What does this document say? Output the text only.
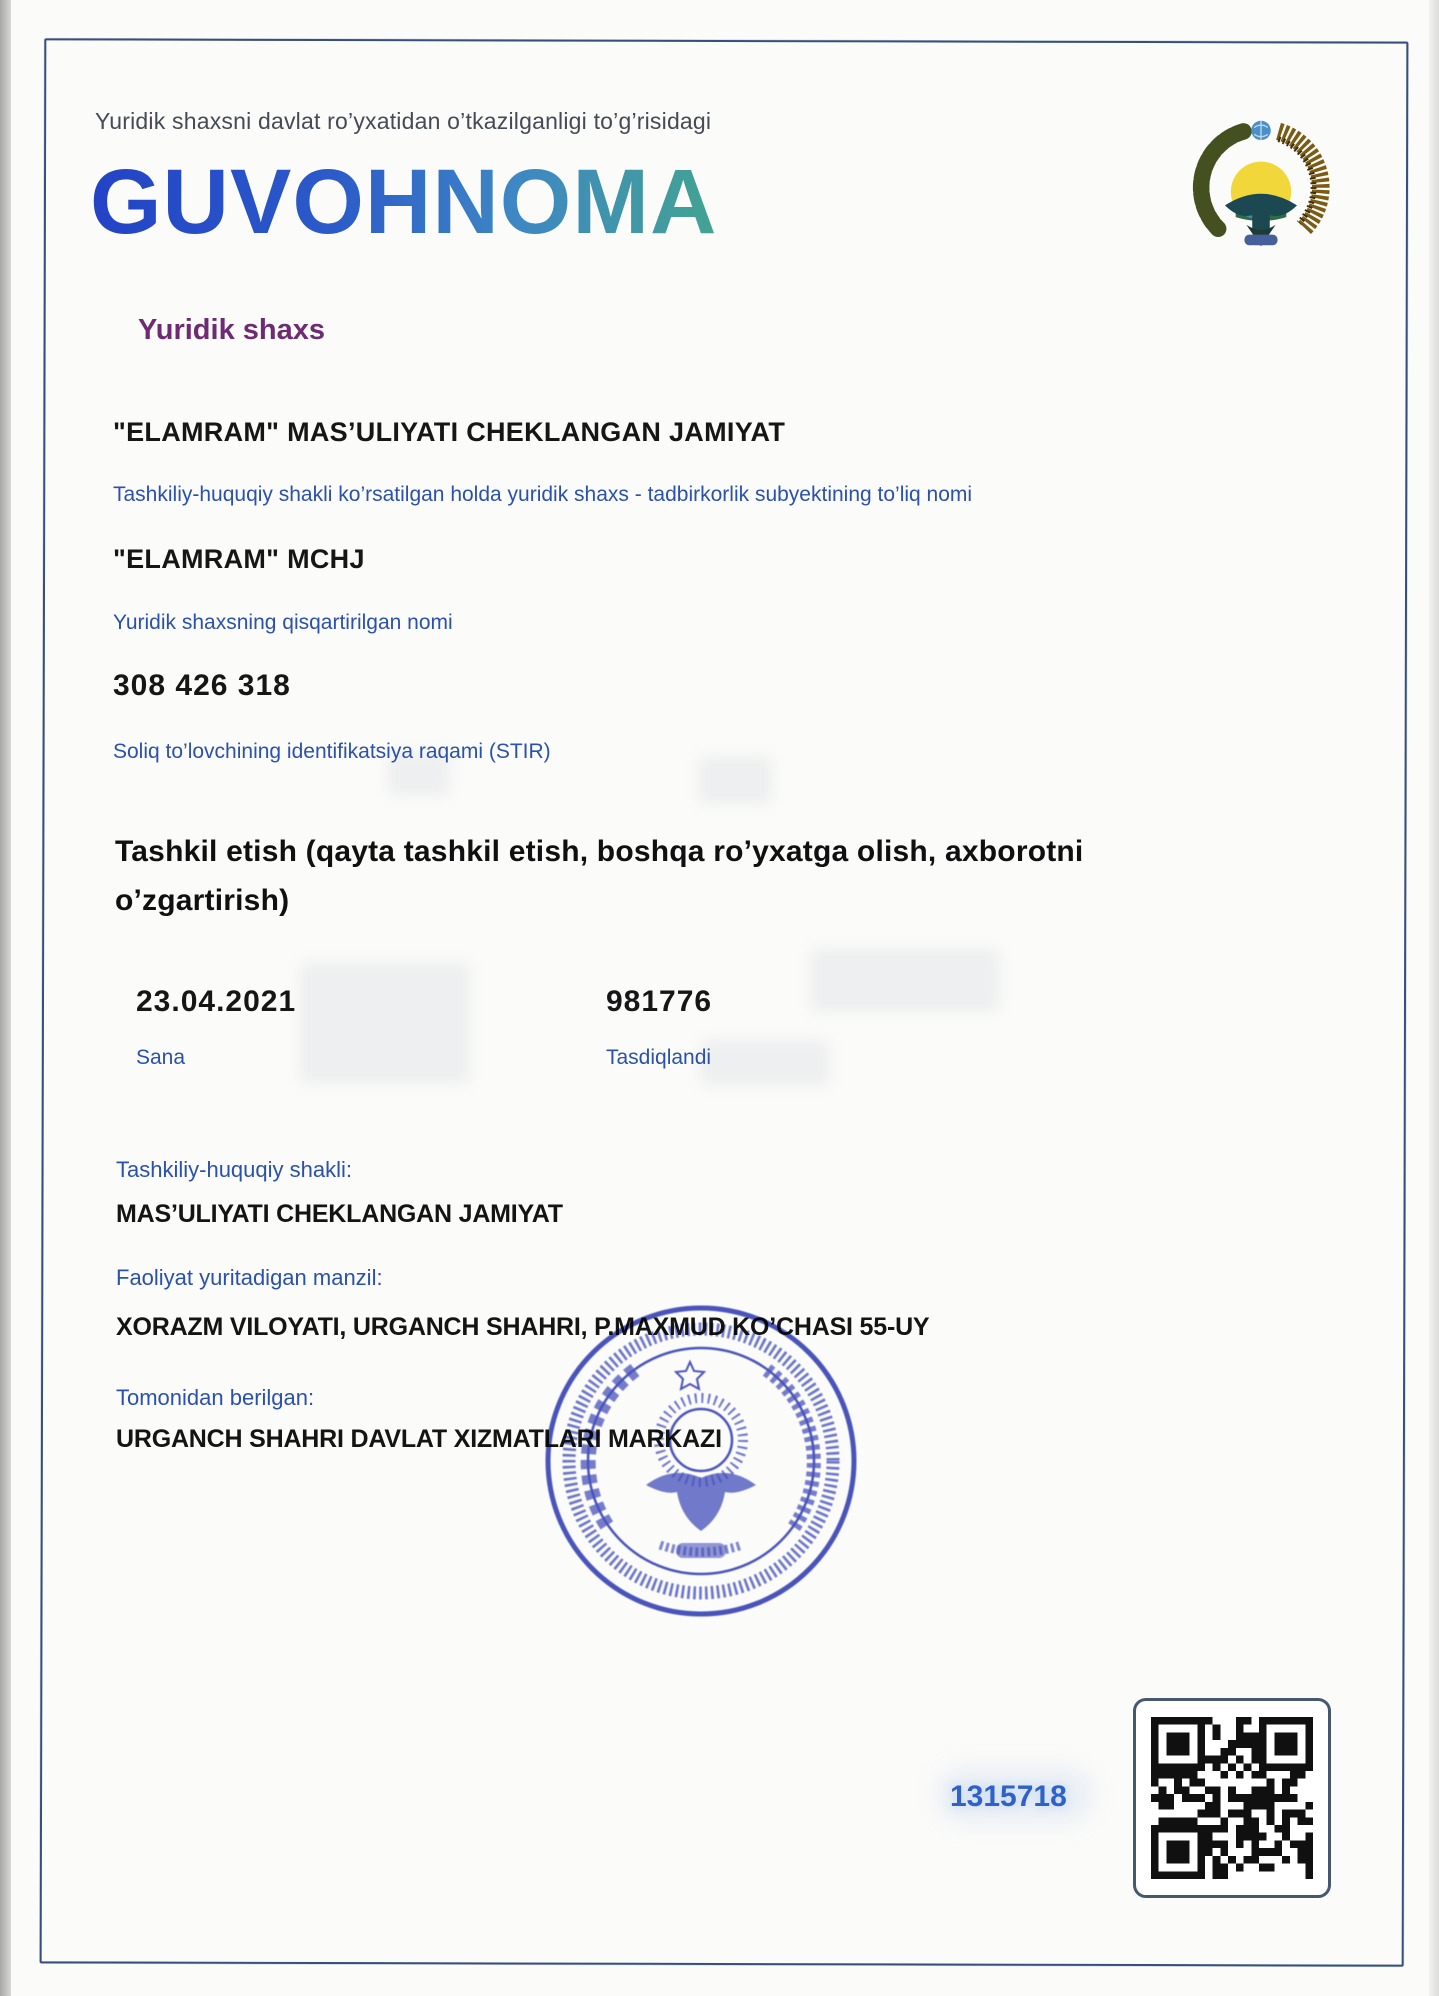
Yuridik shaxsni davlat ro’yxatidan o’tkazilganligi to’g’risidagi
GUVOHNOMA
Yuridik shaxs
"ELAMRAM" MAS’ULIYATI CHEKLANGAN JAMIYAT
Tashkiliy-huquqiy shakli ko’rsatilgan holda yuridik shaxs - tadbirkorlik subyektining to’liq nomi
"ELAMRAM" MCHJ
Yuridik shaxsning qisqartirilgan nomi
308 426 318
Soliq to’lovchining identifikatsiya raqami (STIR)
Tashkil etish (qayta tashkil etish, boshqa ro’yxatga olish, axborotni o’zgartirish)
23.04.2021
Sana
981776
Tasdiqlandi
Tashkiliy-huquqiy shakli:
MAS’ULIYATI CHEKLANGAN JAMIYAT
Faoliyat yuritadigan manzil:
XORAZM VILOYATI, URGANCH SHAHRI, P.MAXMUD KO’CHASI 55-UY
Tomonidan berilgan:
URGANCH SHAHRI DAVLAT XIZMATLARI MARKAZI
1315718
